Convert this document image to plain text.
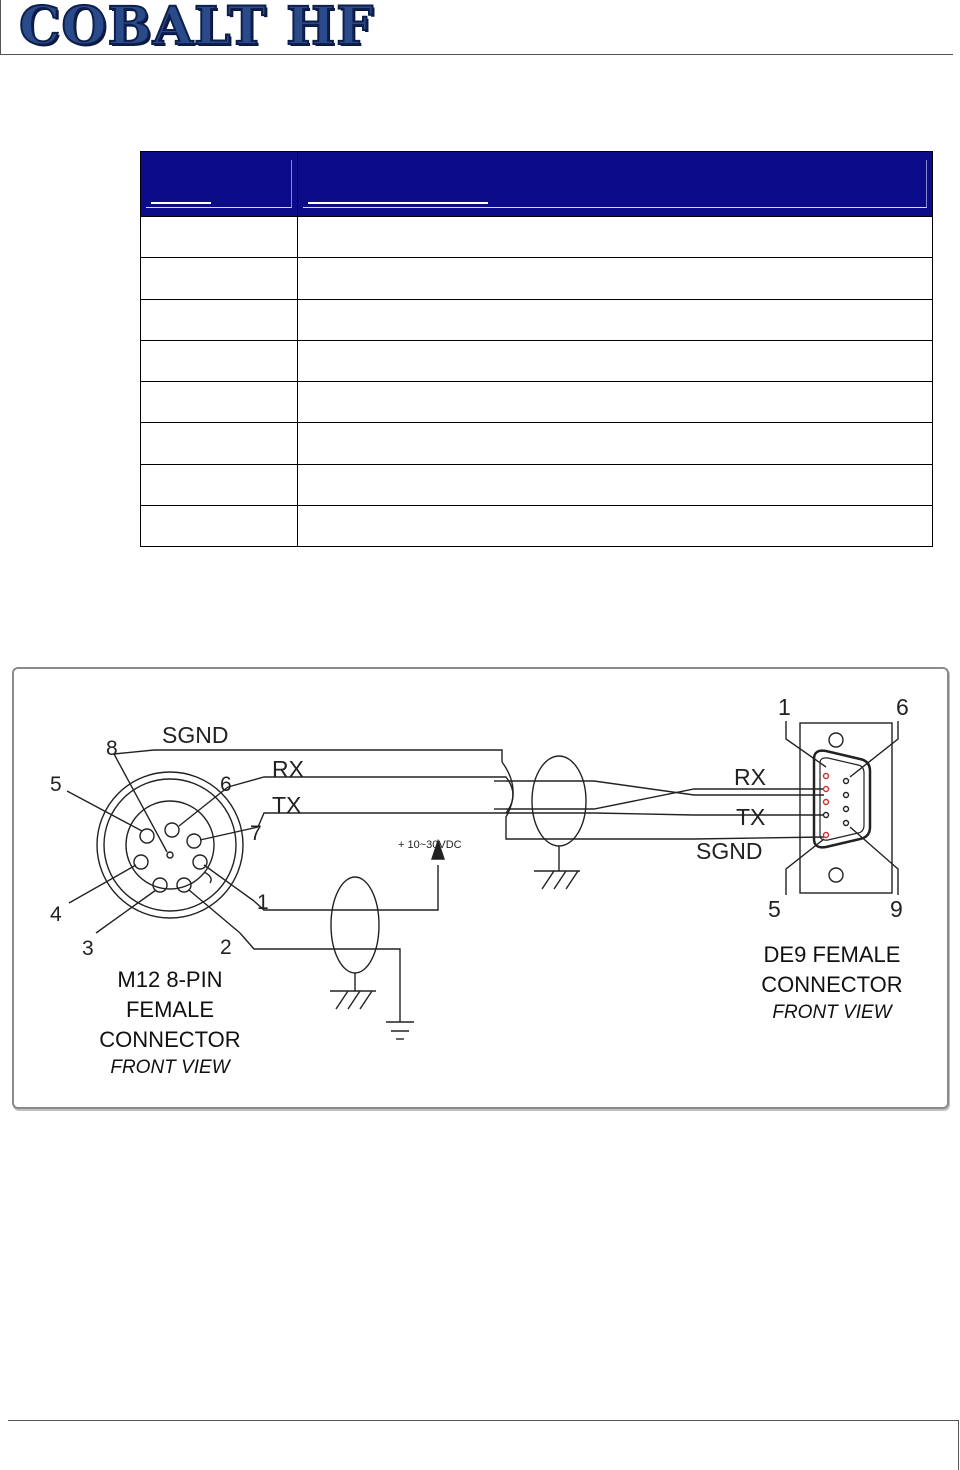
COBALT HF

5
8
6
7
4
3
1
2
SGND
RX
TX
+ 10~30VDC
1	6
5	9
RX
TX
SGND
M12 8-PIN
FEMALE
CONNECTOR
FRONT VIEW
DE9 FEMALE
CONNECTOR
FRONT VIEW
